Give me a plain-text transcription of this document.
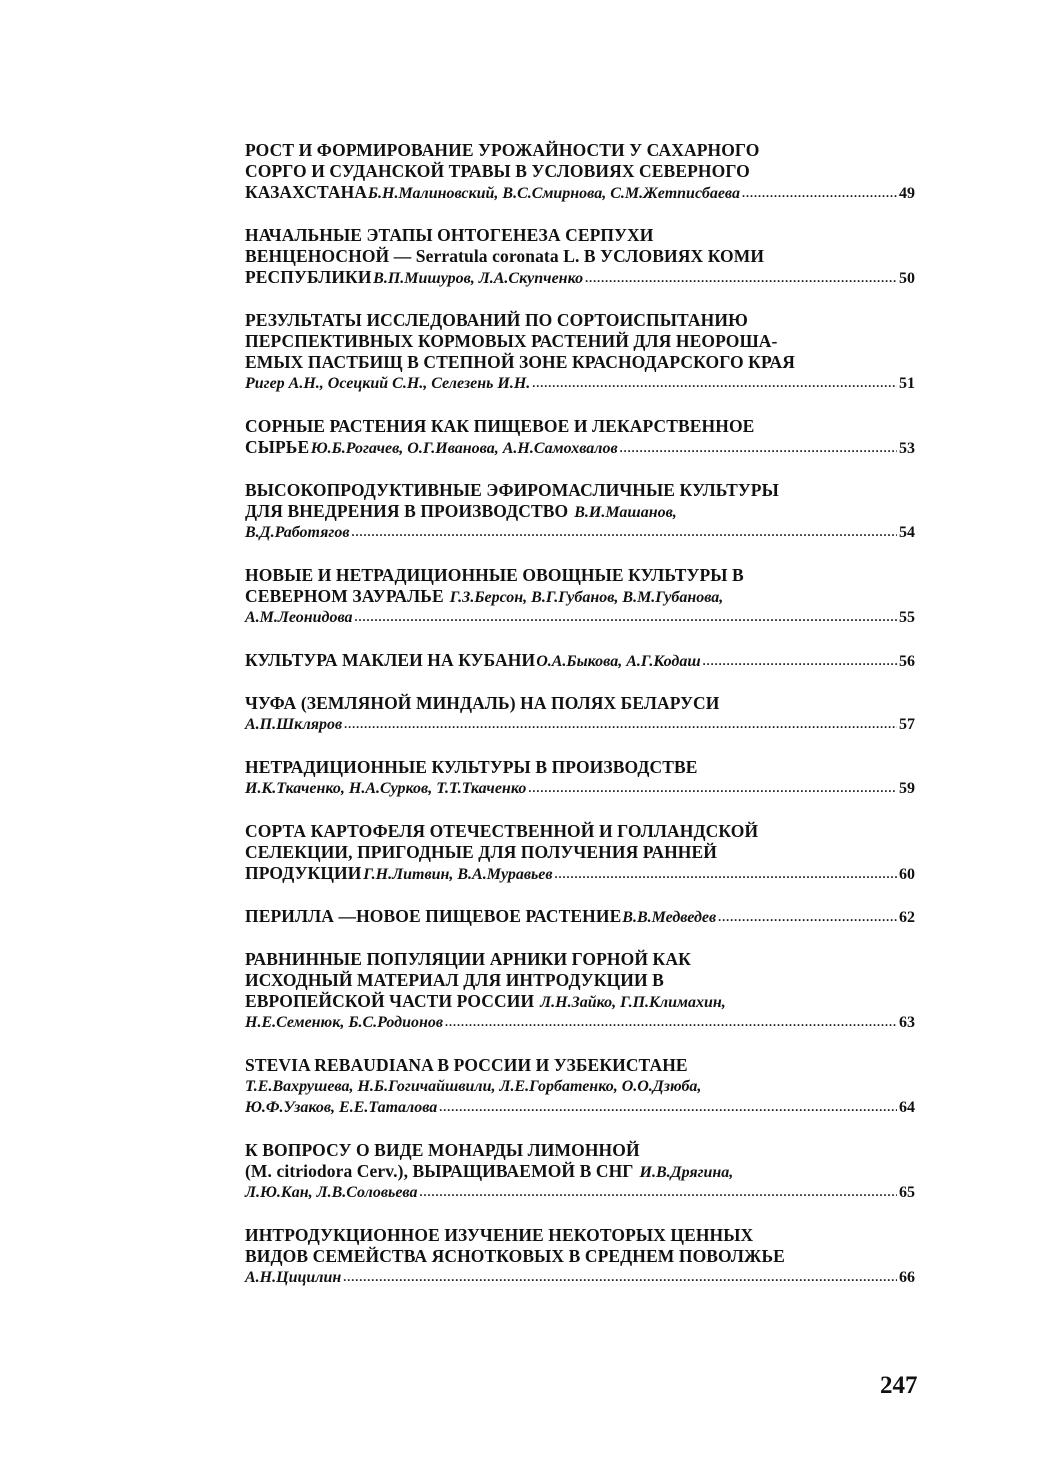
РОСТ И ФОРМИРОВАНИЕ УРОЖАЙНОСТИ У САХАРНОГО
СОРГО И СУДАНСКОЙ ТРАВЫ В УСЛОВИЯХ СЕВЕРНОГО
КАЗАХСТАНА Б.Н.Малиновский, В.С.Смирнова, С.М.Жетписбаева .....	49
НАЧАЛЬНЫЕ ЭТАПЫ ОНТОГЕНЕЗА СЕРПУХИ
ВЕНЦЕНОСНОЙ — Serratula coronata L. В УСЛОВИЯХ КОМИ
РЕСПУБЛИКИ В.П.Мишуров, Л.А.Скупченко .....	50
РЕЗУЛЬТАТЫ ИССЛЕДОВАНИЙ ПО СОРТОИСПЫТАНИЮ
ПЕРСПЕКТИВНЫХ КОРМОВЫХ РАСТЕНИЙ ДЛЯ НЕОРОША-
ЕМЫХ ПАСТБИЩ В СТЕПНОЙ ЗОНЕ КРАСНОДАРСКОГО КРАЯ
Ригер А.Н., Осецкий С.Н., Селезень И.Н. .....	51
СОРНЫЕ РАСТЕНИЯ КАК ПИЩЕВОЕ И ЛЕКАРСТВЕННОЕ
СЫРЬЕ Ю.Б.Рогачев, О.Г.Иванова, А.Н.Самохвалов .....	53
ВЫСОКОПРОДУКТИВНЫЕ ЭФИРОМАСЛИЧНЫЕ КУЛЬТУРЫ
ДЛЯ ВНЕДРЕНИЯ В ПРОИЗВОДСТВО В.И.Машанов,
В.Д.Работягов .....	54
НОВЫЕ И НЕТРАДИЦИОННЫЕ ОВОЩНЫЕ КУЛЬТУРЫ В
СЕВЕРНОМ ЗАУРАЛЬЕ Г.З.Берсон, В.Г.Губанов, В.М.Губанова,
А.М.Леонидова .....	55
КУЛЬТУРА МАКЛЕИ НА КУБАНИ О.А.Быкова, А.Г.Кодаш .....	56
ЧУФА (ЗЕМЛЯНОЙ МИНДАЛЬ) НА ПОЛЯХ БЕЛАРУСИ
А.П.Шкляров .....	57
НЕТРАДИЦИОННЫЕ КУЛЬТУРЫ В ПРОИЗВОДСТВЕ
И.К.Ткаченко, Н.А.Сурков, Т.Т.Ткаченко .....	59
СОРТА КАРТОФЕЛЯ ОТЕЧЕСТВЕННОЙ И ГОЛЛАНДСКОЙ
СЕЛЕКЦИИ, ПРИГОДНЫЕ ДЛЯ ПОЛУЧЕНИЯ РАННЕЙ
ПРОДУКЦИИ Г.Н.Литвин, В.А.Муравьев .....	60
ПЕРИЛЛА —НОВОЕ ПИЩЕВОЕ РАСТЕНИЕ В.В.Медведев .....	62
РАВНИННЫЕ ПОПУЛЯЦИИ АРНИКИ ГОРНОЙ КАК
ИСХОДНЫЙ МАТЕРИАЛ ДЛЯ ИНТРОДУКЦИИ В
ЕВРОПЕЙСКОЙ ЧАСТИ РОССИИ Л.Н.Зайко, Г.П.Климахин,
Н.Е.Семенюк, Б.С.Родионов .....	63
STEVIA REBAUDIANA В РОССИИ И УЗБЕКИСТАНЕ
Т.Е.Вахрушева, Н.Б.Гогичайшвили, Л.Е.Горбатенко, О.О.Дзюба,
Ю.Ф.Узаков, Е.Е.Таталова .....	64
К ВОПРОСУ О ВИДЕ МОНАРДЫ ЛИМОННОЙ
(M. citriodora Cerv.), ВЫРАЩИВАЕМОЙ В СНГ И.В.Дрягина,
Л.Ю.Кан, Л.В.Соловьева .....	65
ИНТРОДУКЦИОННОЕ ИЗУЧЕНИЕ НЕКОТОРЫХ ЦЕННЫХ
ВИДОВ СЕМЕЙСТВА ЯСНОТКОВЫХ В СРЕДНЕМ ПОВОЛЖЬЕ
А.Н.Цицилин .....	66
247
